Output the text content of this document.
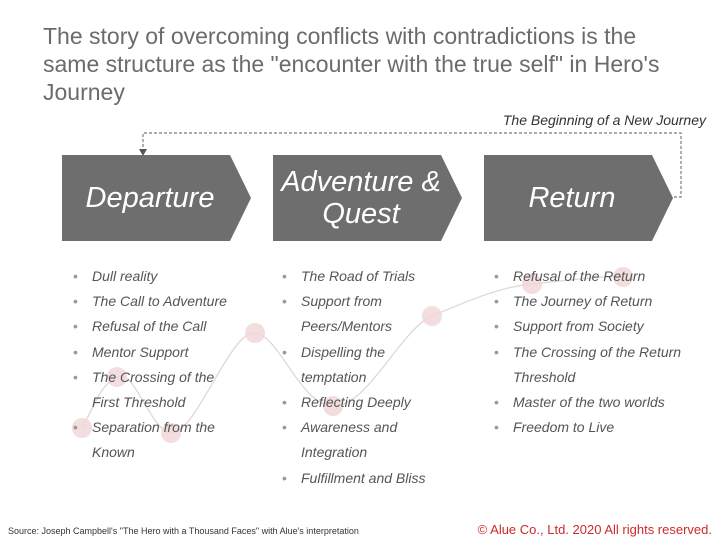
The story of overcoming conflicts with contradictions is the same structure as the "encounter with the true self" in Hero's Journey
The Beginning of a New Journey
Departure	Adventure & Quest	Return
• Dull reality
• The Call to Adventure
• Refusal of the Call
• Mentor Support
• The Crossing of the First Threshold
• Separation from the Known
• The Road of Trials
• Support from Peers/Mentors
• Dispelling the temptation
• Reflecting Deeply
• Awareness and Integration
• Fulfillment and Bliss
• Refusal of the Return
• The Journey of Return
• Support from Society
• The Crossing of the Return Threshold
• Master of the two worlds
• Freedom to Live
Source: Joseph Campbell's "The Hero with a Thousand Faces" with Alue's interpretation	© Alue Co., Ltd. 2020 All rights reserved.
